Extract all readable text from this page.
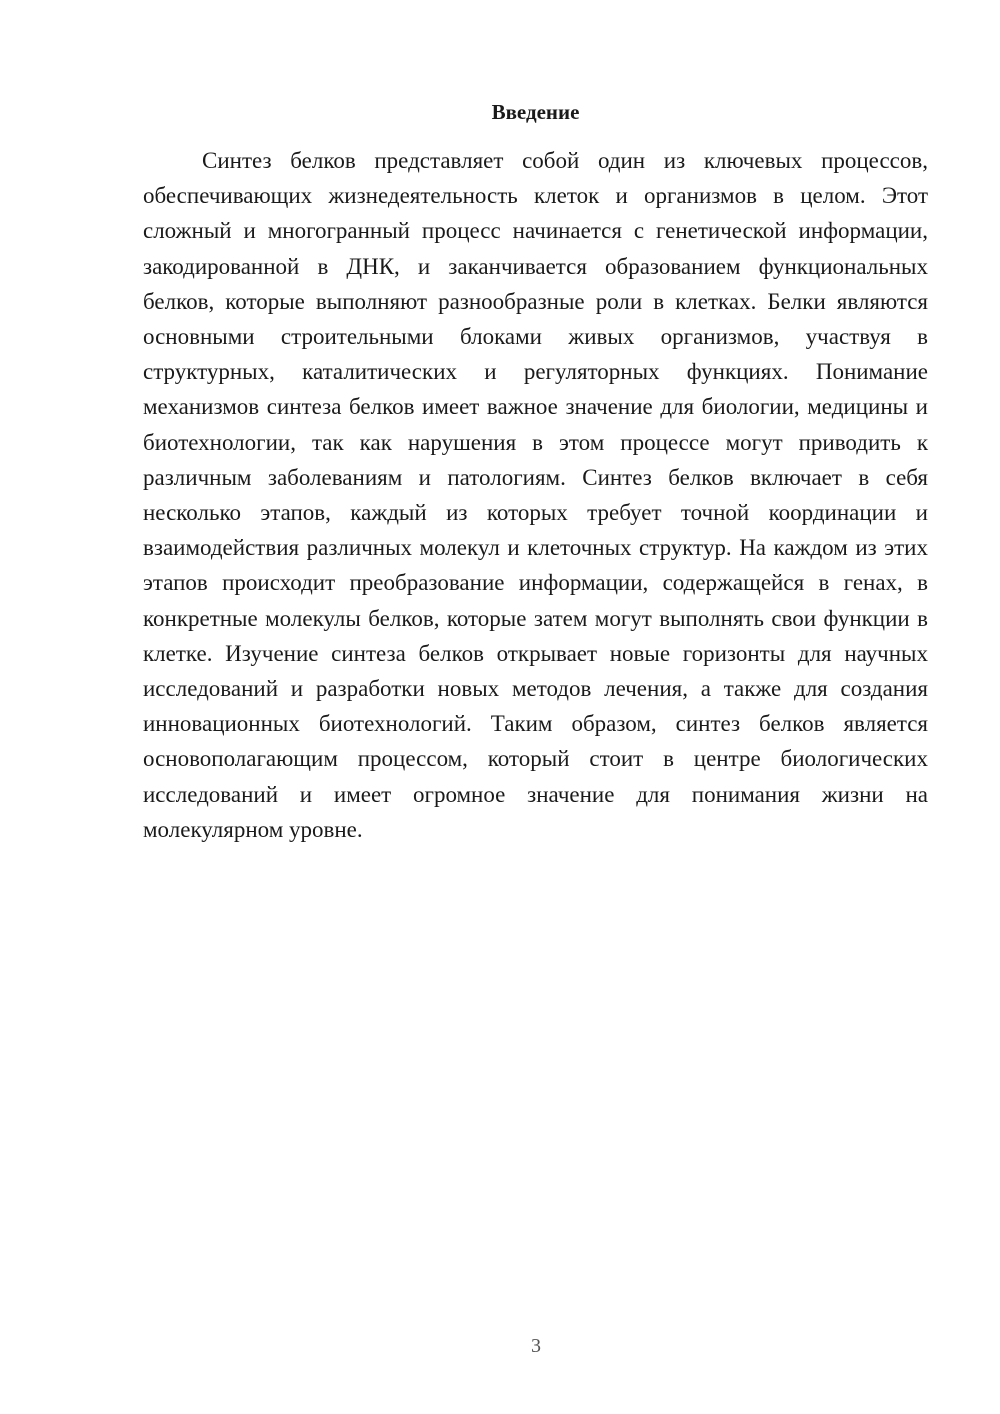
Введение

Синтез белков представляет собой один из ключевых процессов, обеспечивающих жизнедеятельность клеток и организмов в целом. Этот сложный и многогранный процесс начинается с генетической информации, закодированной в ДНК, и заканчивается образованием функциональных белков, которые выполняют разнообразные роли в клетках. Белки являются основными строительными блоками живых организмов, участвуя в структурных, каталитических и регуляторных функциях. Понимание механизмов синтеза белков имеет важное значение для биологии, медицины и биотехнологии, так как нарушения в этом процессе могут приводить к различным заболеваниям и патологиям. Синтез белков включает в себя несколько этапов, каждый из которых требует точной координации и взаимодействия различных молекул и клеточных структур. На каждом из этих этапов происходит преобразование информации, содержащейся в генах, в конкретные молекулы белков, которые затем могут выполнять свои функции в клетке. Изучение синтеза белков открывает новые горизонты для научных исследований и разработки новых методов лечения, а также для создания инновационных биотехнологий. Таким образом, синтез белков является основополагающим процессом, который стоит в центре биологических исследований и имеет огромное значение для понимания жизни на молекулярном уровне.

3
